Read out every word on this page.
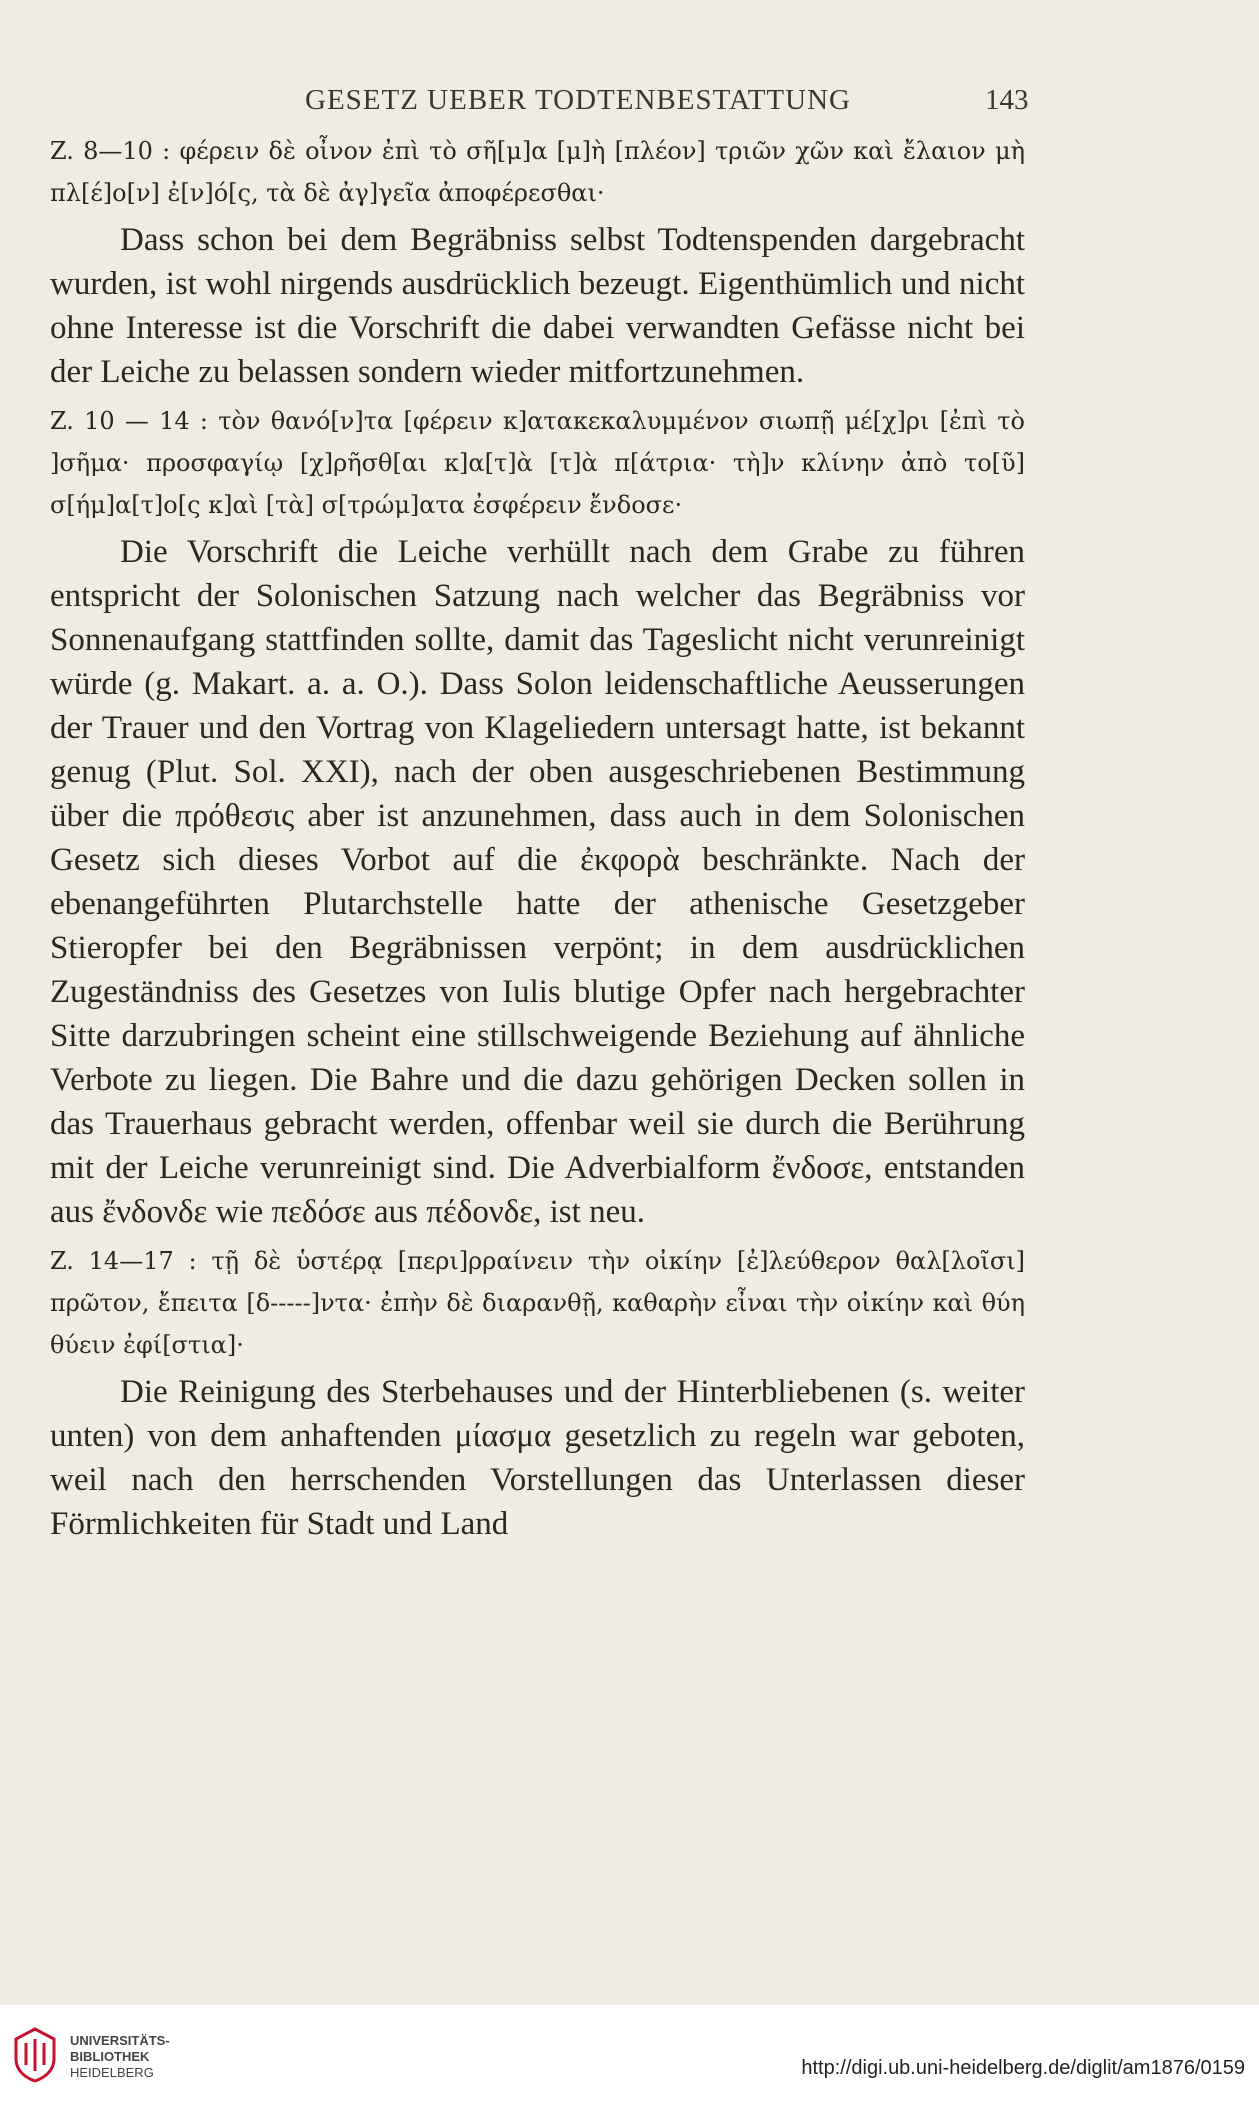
GESETZ UEBER TODTENBESTATTUNG	143

Z. 8—10 : φέρειν δὲ οἶνον ἐπὶ τὸ σῆ[μ]α [μ]ὴ [πλέον] τριῶν χῶν καὶ ἔλαιον μὴ πλ[έ]ο[ν] ἐ[ν]ό[ς, τὰ δὲ ἀγ]γεῖα ἀποφέρεσθαι·

Dass schon bei dem Begräbniss selbst Todtenspenden dargebracht wurden, ist wohl nirgends ausdrücklich bezeugt. Eigenthümlich und nicht ohne Interesse ist die Vorschrift die dabei verwandten Gefässe nicht bei der Leiche zu belassen sondern wieder mitfortzunehmen.

Z. 10 — 14 : τὸν θανό[ν]τα [φέρειν κ]ατακεκαλυμμένον σιωπῇ μέ[χ]ρι [ἐπὶ τὸ ]σῆμα· προσφαγίῳ [χ]ρῆσθ[αι κ]α[τ]ὰ [τ]ὰ π[άτρια· τὴ]ν κλίνην ἀπὸ το[ῦ] σ[ήμ]α[τ]ο[ς κ]αὶ [τὰ] σ[τρώμ]ατα ἐσφέρειν ἔνδοσε·

Die Vorschrift die Leiche verhüllt nach dem Grabe zu führen entspricht der Solonischen Satzung nach welcher das Begräbniss vor Sonnenaufgang stattfinden sollte, damit das Tageslicht nicht verunreinigt würde (g. Makart. a. a. O.). Dass Solon leidenschaftliche Aeusserungen der Trauer und den Vortrag von Klageliedern untersagt hatte, ist bekannt genug (Plut. Sol. XXI), nach der oben ausgeschriebenen Bestimmung über die πρόθεσις aber ist anzunehmen, dass auch in dem Solonischen Gesetz sich dieses Vorbot auf die ἐκφορὰ beschränkte. Nach der ebenangeführten Plutarchstelle hatte der athenische Gesetzgeber Stieropfer bei den Begräbnissen verpönt; in dem ausdrücklichen Zugeständniss des Gesetzes von Iulis blutige Opfer nach hergebrachter Sitte darzubringen scheint eine stillschweigende Beziehung auf ähnliche Verbote zu liegen. Die Bahre und die dazu gehörigen Decken sollen in das Trauerhaus gebracht werden, offenbar weil sie durch die Berührung mit der Leiche verunreinigt sind. Die Adverbialform ἔνδοσε, entstanden aus ἔνδονδε wie πεδόσε aus πέδονδε, ist neu.

Z. 14—17 : τῇ δὲ ὑστέρᾳ [περι]ρραίνειν τὴν οἰκίην [ἐ]λεύθερον θαλ[λοῖσι] πρῶτον, ἔπειτα [δ-----]ντα· ἐπὴν δὲ διαρανθῇ, καθαρὴν εἶναι τὴν οἰκίην καὶ θύη θύειν ἐφί[στια]·

Die Reinigung des Sterbehauses und der Hinterbliebenen (s. weiter unten) von dem anhaftenden μίασμα gesetzlich zu regeln war geboten, weil nach den herrschenden Vorstellungen das Unterlassen dieser Förmlichkeiten für Stadt und Land

UNIVERSITÄTS-
BIBLIOTHEK
HEIDELBERG	http://digi.ub.uni-heidelberg.de/diglit/am1876/0159
